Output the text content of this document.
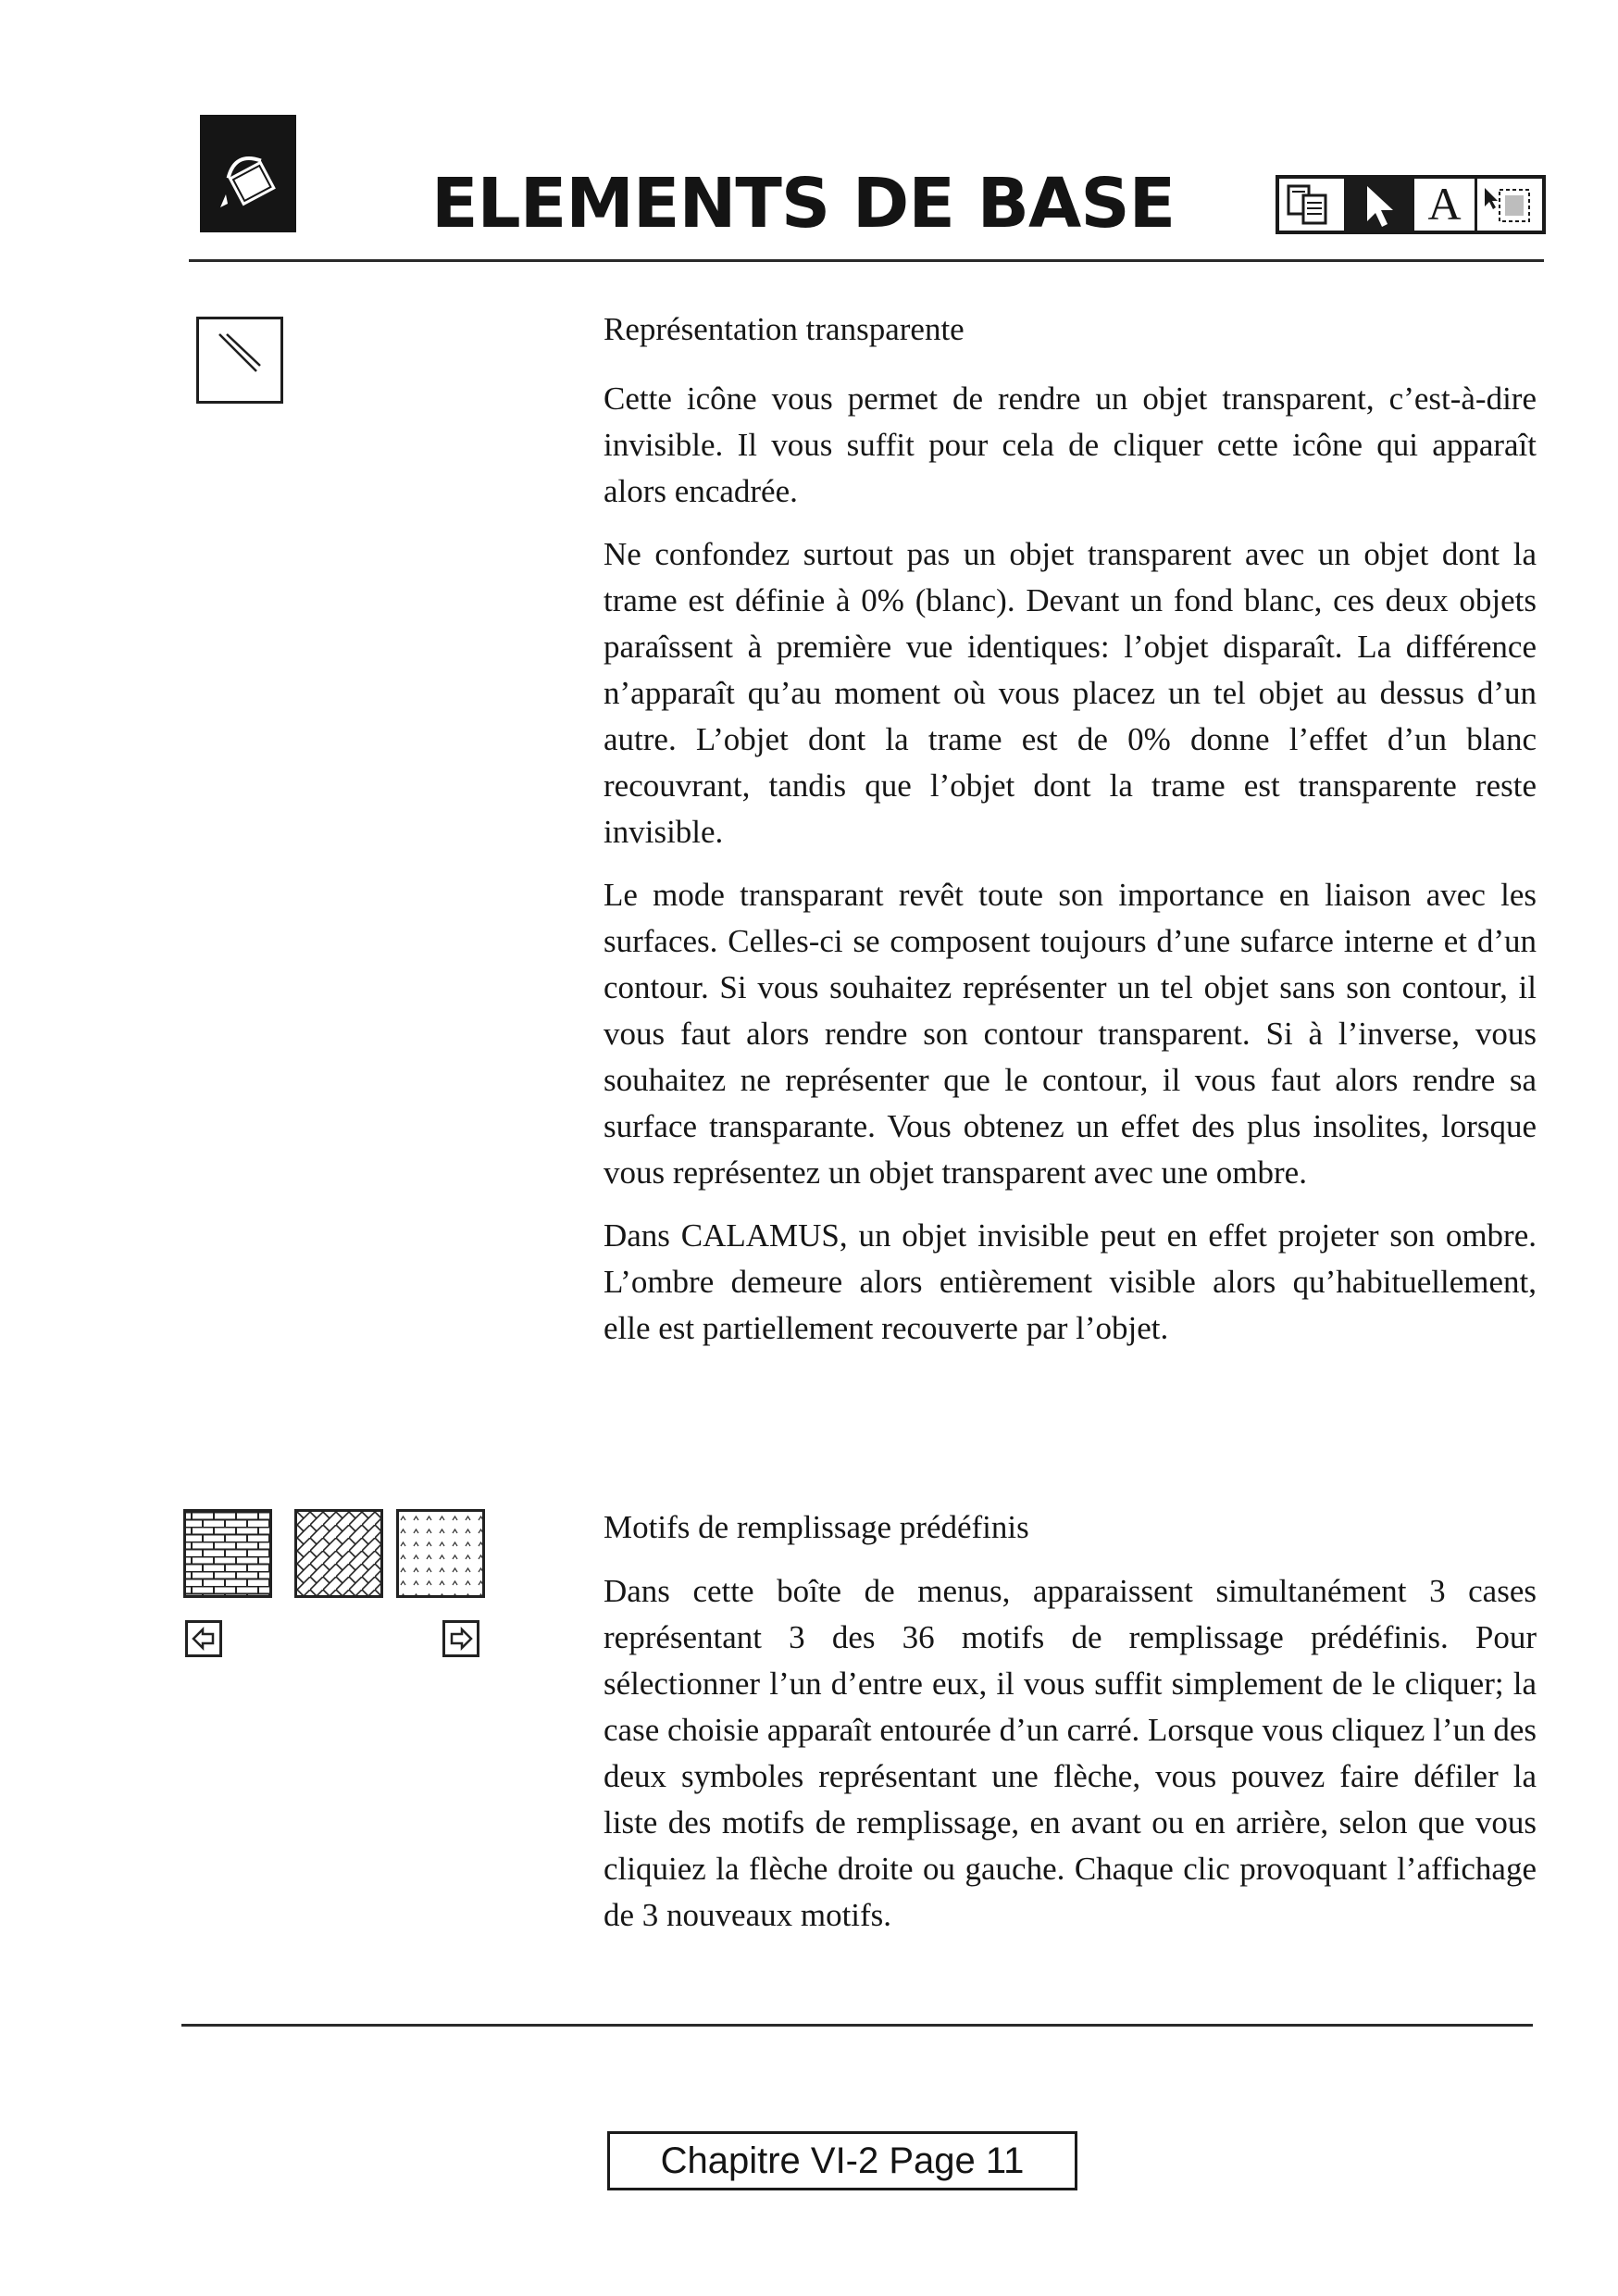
ELEMENTS DE BASE	A
Représentation transparente

Cette icône vous permet de rendre un objet transparent, c’est-à-dire invisible. Il vous suffit pour cela de cliquer cette icône qui apparaît alors encadrée.

Ne confondez surtout pas un objet transparent avec un objet dont la trame est définie à 0% (blanc). Devant un fond blanc, ces deux objets paraîssent à première vue identiques: l’objet disparaît. La différence n’apparaît qu’au moment où vous placez un tel objet au dessus d’un autre. L’objet dont la trame est de 0% donne l’effet d’un blanc recouvrant, tandis que l’objet dont la trame est transparente reste invisible.

Le mode transparant revêt toute son importance en liaison avec les surfaces. Celles-ci se composent toujours d’une sufarce interne et d’un contour. Si vous souhaitez représenter un tel objet sans son contour, il vous faut alors rendre son contour transparent. Si à l’inverse, vous souhaitez ne représenter que le contour, il vous faut alors rendre sa surface transparante. Vous obtenez un effet des plus insolites, lorsque vous représentez un objet transparent avec une ombre.

Dans CALAMUS, un objet invisible peut en effet projeter son ombre. L’ombre demeure alors entièrement visible alors qu’habituellement, elle est partiellement recouverte par l’objet.

Motifs de remplissage prédéfinis

Dans cette boîte de menus, apparaissent simultanément 3 cases représentant 3 des 36 motifs de remplissage prédéfinis. Pour sélectionner l’un d’entre eux, il vous suffit simplement de le cliquer; la case choisie apparaît entourée d’un carré. Lorsque vous cliquez l’un des deux symboles représentant une flèche, vous pouvez faire défiler la liste des motifs de remplissage, en avant ou en arrière, selon que vous cliquiez la flèche droite ou gauche. Chaque clic provoquant l’affichage de 3 nouveaux motifs.

Chapitre VI-2 Page 11
